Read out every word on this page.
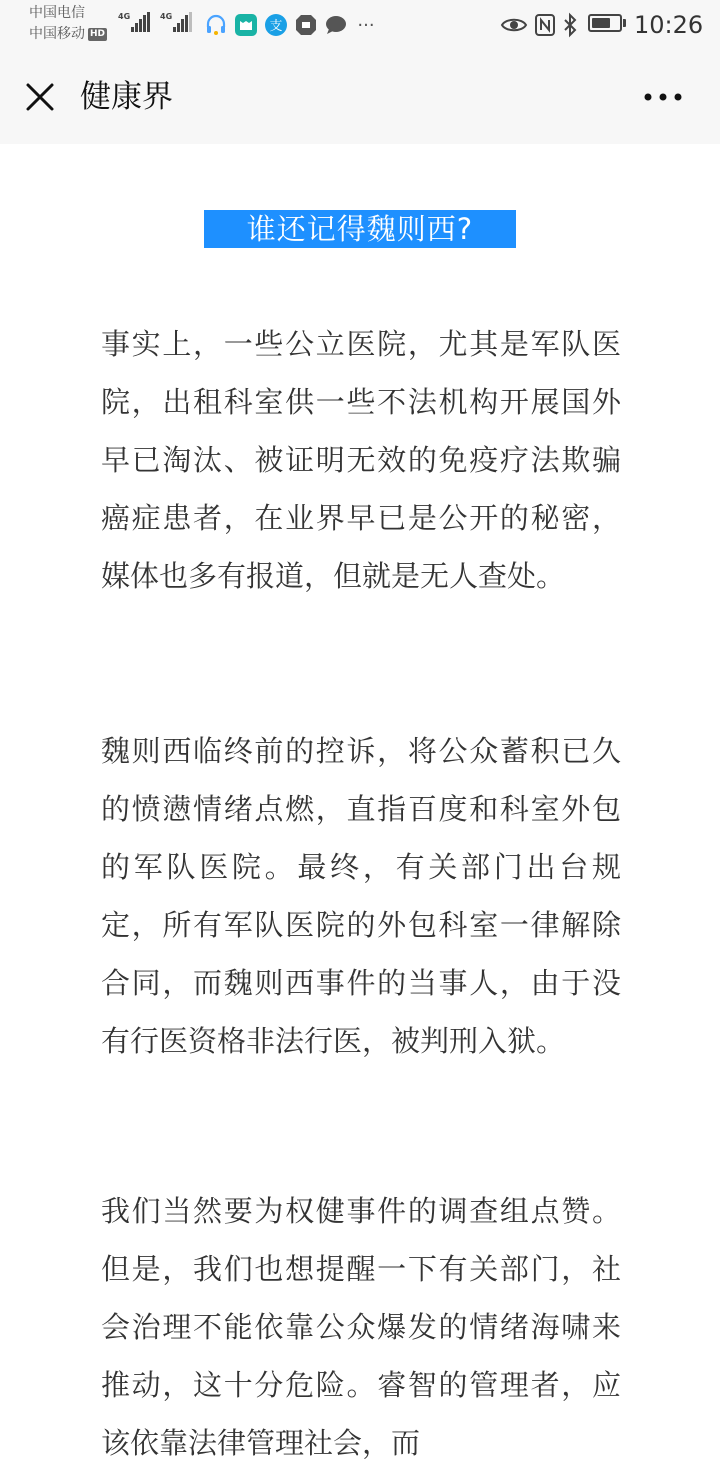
中国电信
中国移动 HD
4G	4G
支	···	10:26
健康界
谁还记得魏则西?

事实上，一些公立医院，尤其是军队医院，出租科室供一些不法机构开展国外早已淘汰、被证明无效的免疫疗法欺骗癌症患者，在业界早已是公开的秘密，媒体也多有报道，但就是无人查处。

魏则西临终前的控诉，将公众蓄积已久的愤懑情绪点燃，直指百度和科室外包的军队医院。最终，有关部门出台规定，所有军队医院的外包科室一律解除合同，而魏则西事件的当事人，由于没有行医资格非法行医，被判刑入狱。

我们当然要为权健事件的调查组点赞。但是，我们也想提醒一下有关部门，社会治理不能依靠公众爆发的情绪海啸来推动，这十分危险。睿智的管理者，应该依靠法律管理社会，而
